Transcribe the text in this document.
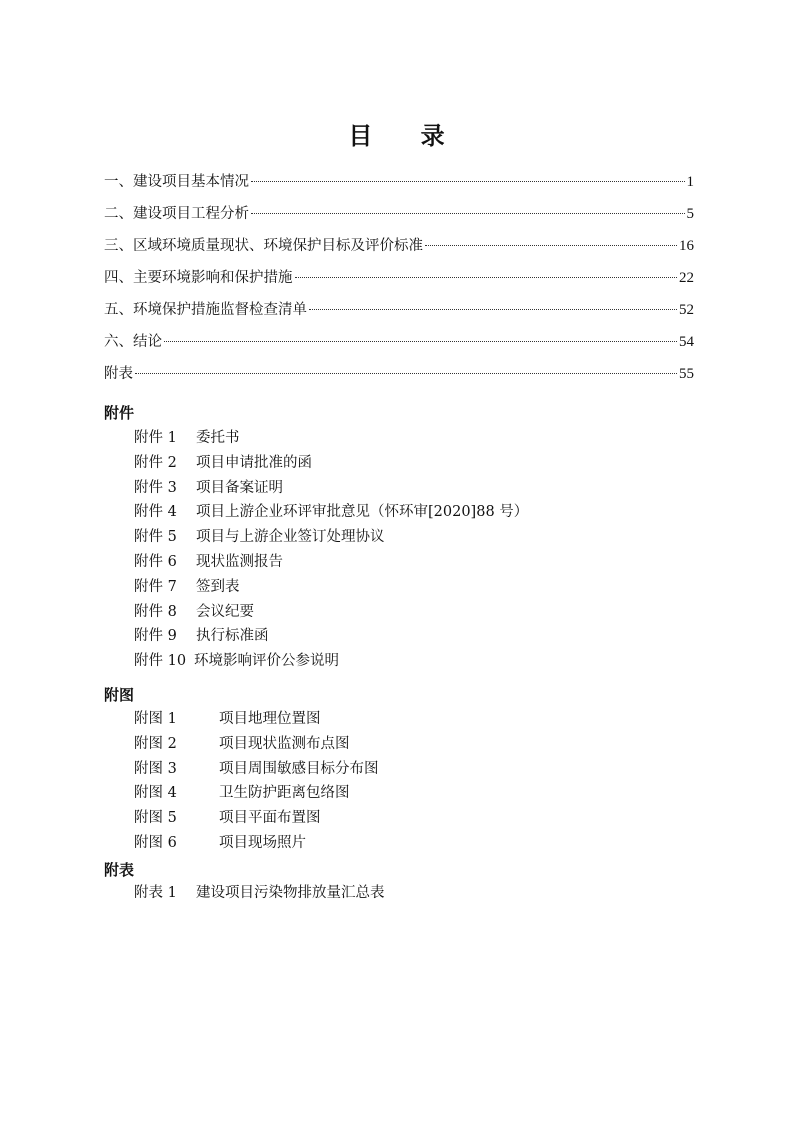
目 录
一、建设项目基本情况	1
二、建设项目工程分析	5
三、区域环境质量现状、环境保护目标及评价标准	16
四、主要环境影响和保护措施	22
五、环境保护措施监督检查清单	52
六、结论	54
附表	55
附件
附件 1	委托书
附件 2	项目申请批准的函
附件 3	项目备案证明
附件 4	项目上游企业环评审批意见（怀环审[2020]88 号）
附件 5	项目与上游企业签订处理协议
附件 6	现状监测报告
附件 7	签到表
附件 8	会议纪要
附件 9	执行标准函
附件 10 环境影响评价公参说明
附图
附图 1	项目地理位置图
附图 2	项目现状监测布点图
附图 3	项目周围敏感目标分布图
附图 4	卫生防护距离包络图
附图 5	项目平面布置图
附图 6	项目现场照片
附表
附表 1	建设项目污染物排放量汇总表
